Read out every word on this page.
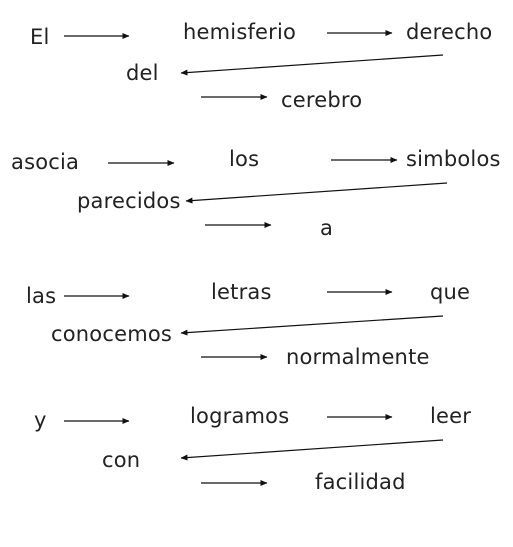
El	hemisferio	derecho
del
cerebro
asocia	los	simbolos
parecidos
a
las	letras	que
conocemos
normalmente
y	logramos	leer
con
facilidad
